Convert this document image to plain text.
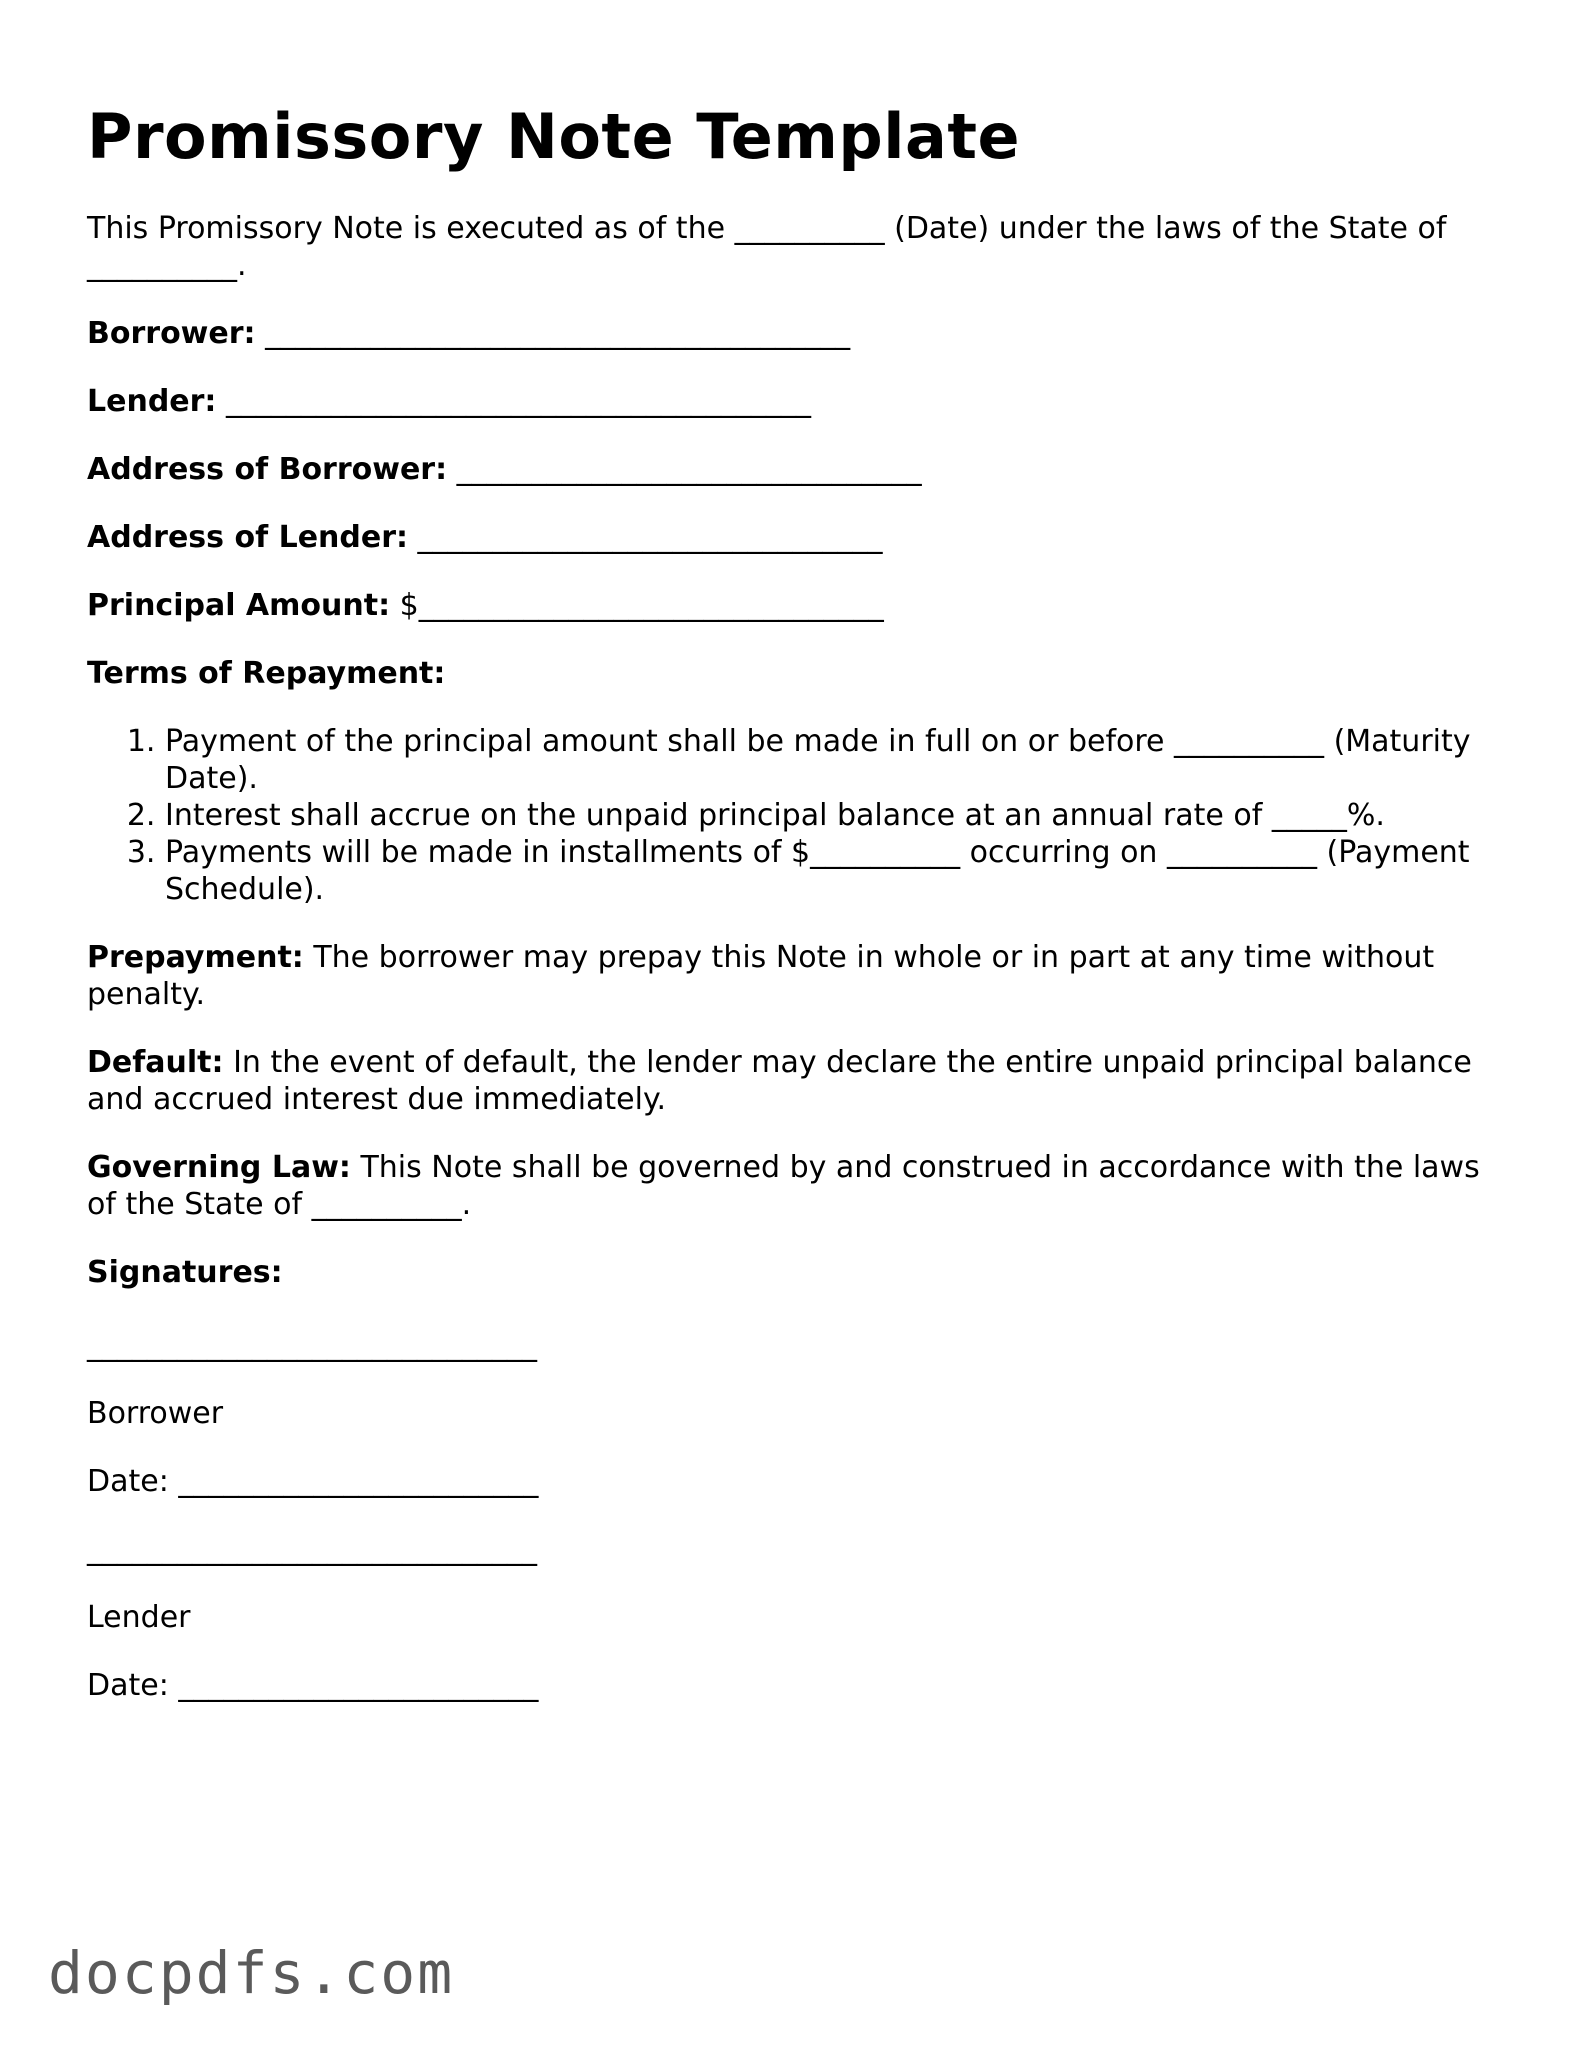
Promissory Note Template

This Promissory Note is executed as of the __________ (Date) under the laws of the State of __________.

Borrower: _______________________________________

Lender: _______________________________________

Address of Borrower: _______________________________

Address of Lender: _______________________________

Principal Amount: $_______________________________

Terms of Repayment:

1. Payment of the principal amount shall be made in full on or before __________ (Maturity Date).
2. Interest shall accrue on the unpaid principal balance at an annual rate of _____%.
3. Payments will be made in installments of $__________ occurring on __________ (Payment Schedule).

Prepayment: The borrower may prepay this Note in whole or in part at any time without penalty.

Default: In the event of default, the lender may declare the entire unpaid principal balance and accrued interest due immediately.

Governing Law: This Note shall be governed by and construed in accordance with the laws of the State of __________.

Signatures:

______________________________

Borrower

Date: ________________________

______________________________

Lender

Date: ________________________

docpdfs.com
